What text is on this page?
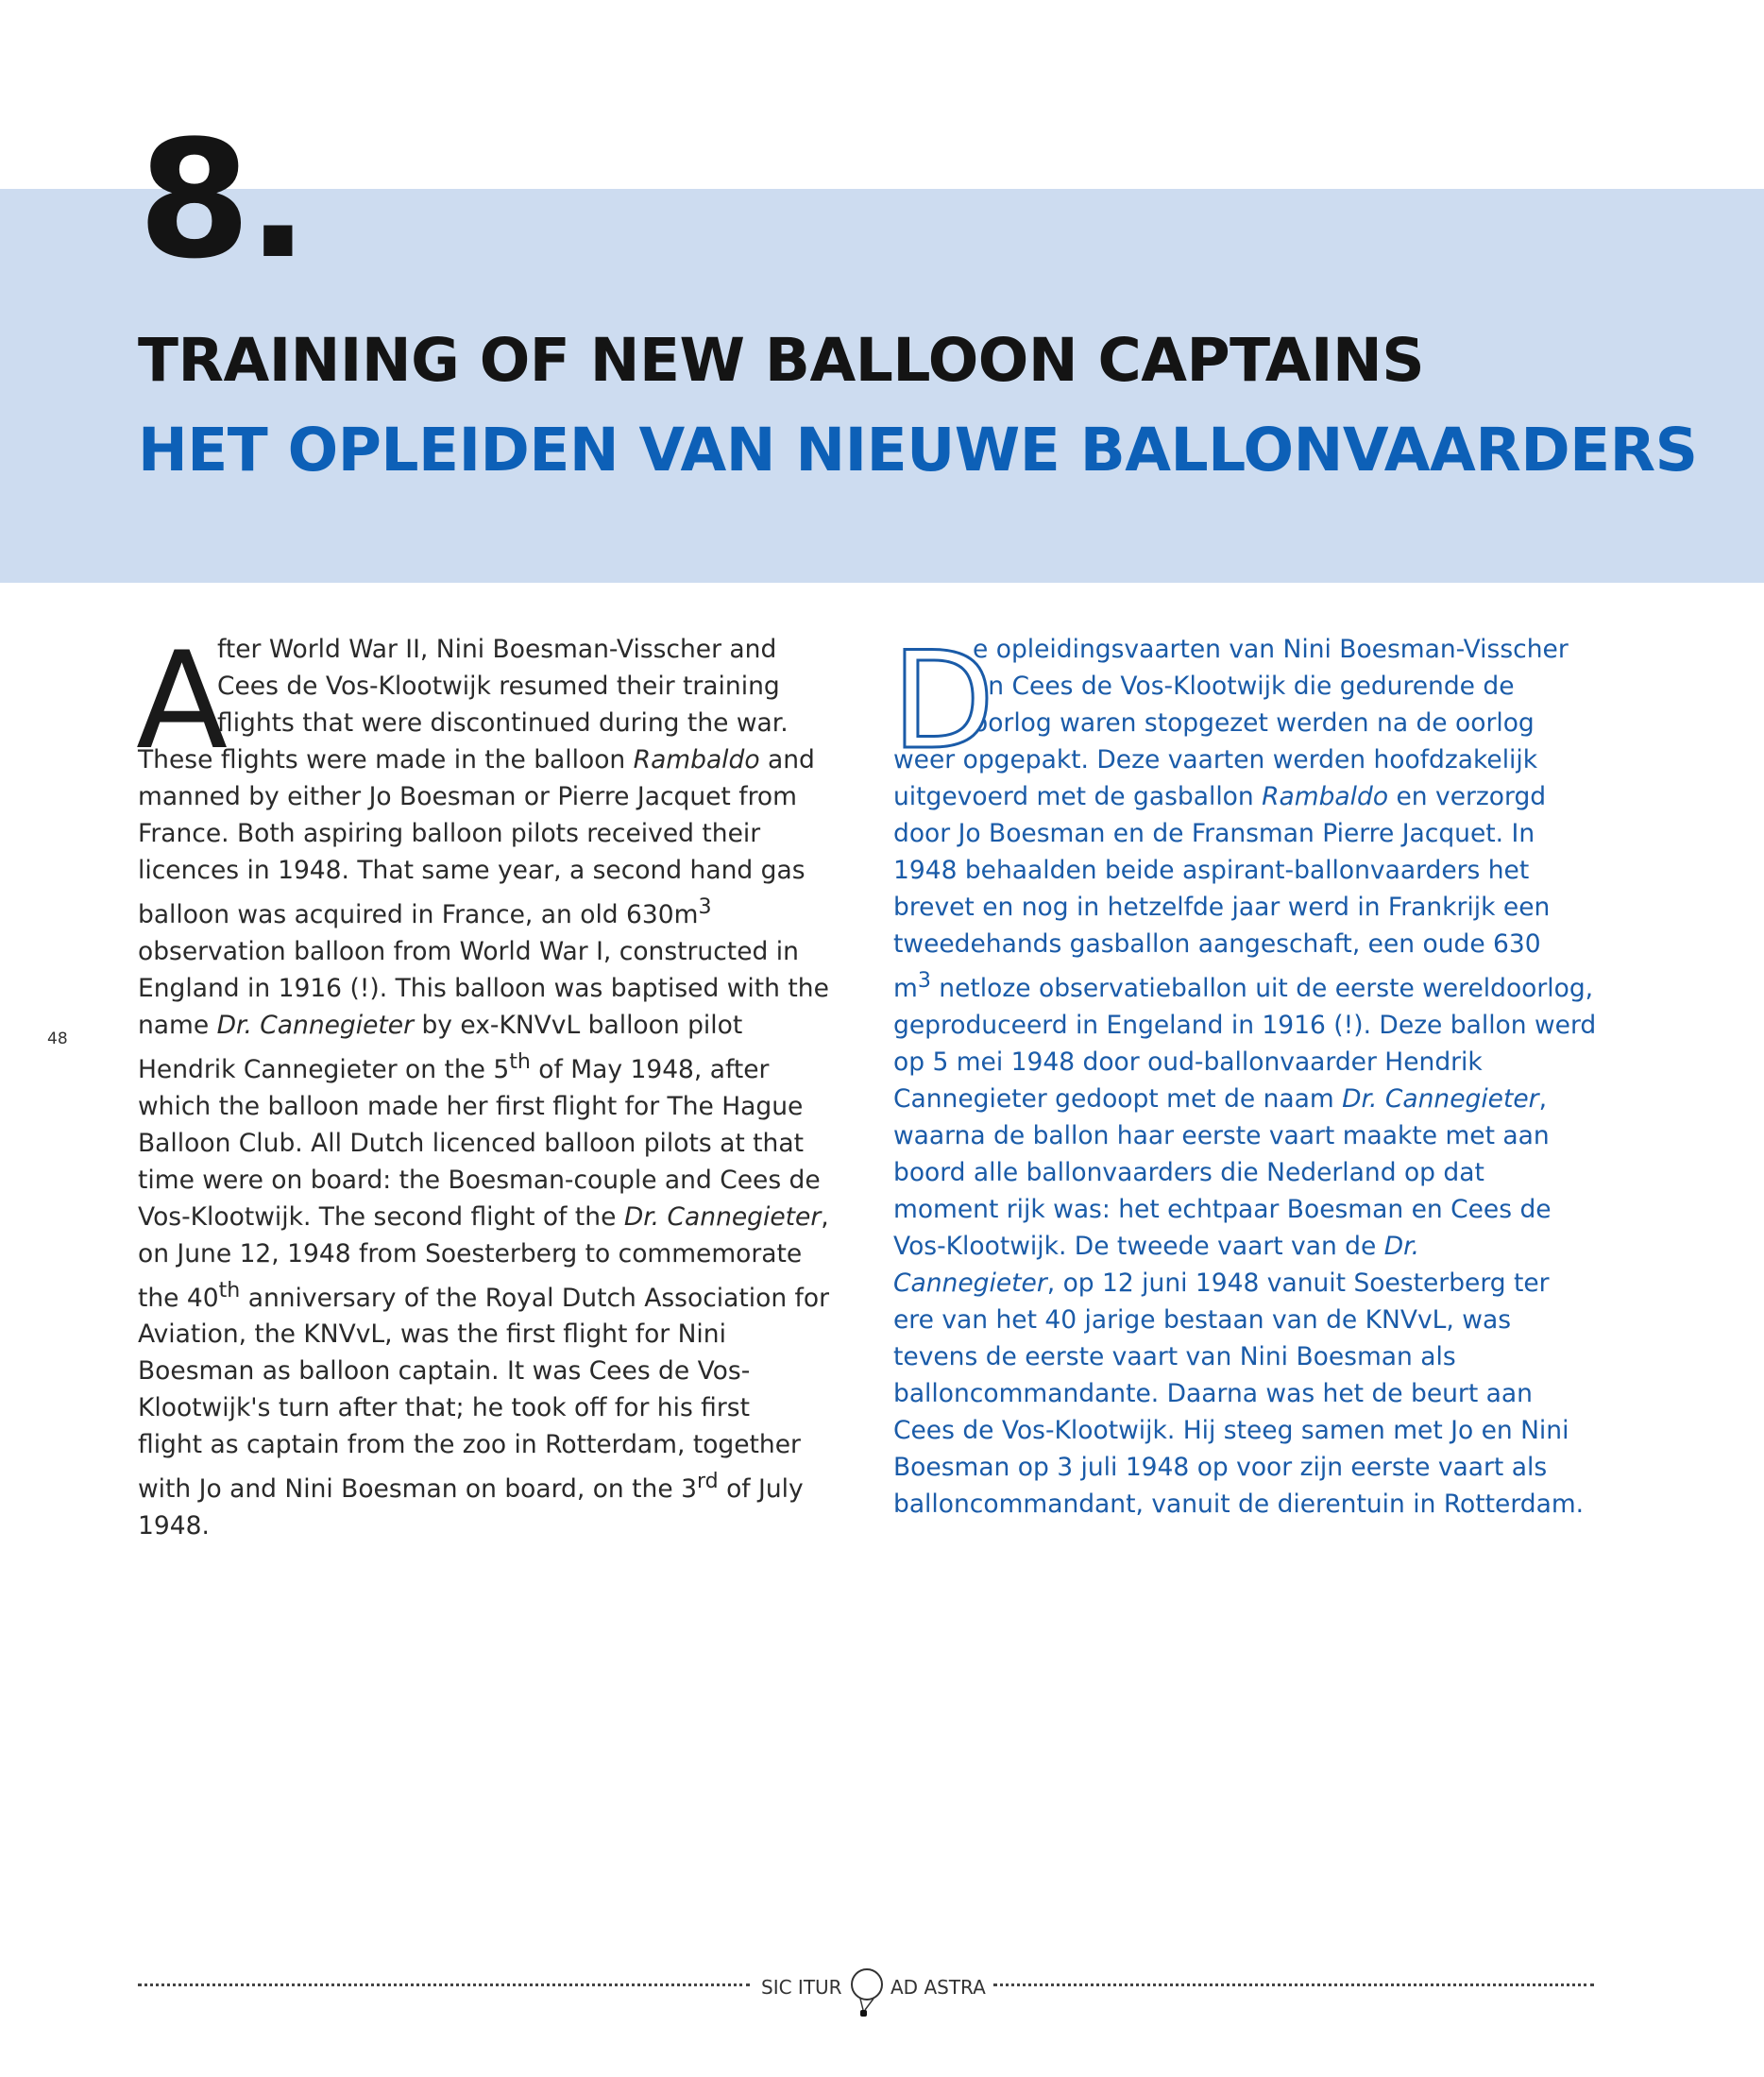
8.
TRAINING OF NEW BALLOON CAPTAINS
HET OPLEIDEN VAN NIEUWE BALLONVAARDERS
48
A
fter World War II, Nini Boesman-Visscher and
Cees de Vos-Klootwijk resumed their training
flights that were discontinued during the war.
These flights were made in the balloon Rambaldo and
manned by either Jo Boesman or Pierre Jacquet from
France. Both aspiring balloon pilots received their
licences in 1948. That same year, a second hand gas
balloon was acquired in France, an old $630m^3$
observation balloon from World War I, constructed in
England in 1916 (!). This balloon was baptised with the
name Dr. Cannegieter by ex-KNVvL balloon pilot
Hendrik Cannegieter on the 5th of May 1948, after
which the balloon made her first flight for The Hague
Balloon Club. All Dutch licenced balloon pilots at that
time were on board: the Boesman-couple and Cees de
Vos-Klootwijk. The second flight of the Dr. Cannegieter,
on June 12, 1948 from Soesterberg to commemorate
the 40th anniversary of the Royal Dutch Association for
Aviation, the KNVvL, was the first flight for Nini
Boesman as balloon captain. It was Cees de Vos-
Klootwijk's turn after that; he took off for his first
flight as captain from the zoo in Rotterdam, together
with Jo and Nini Boesman on board, on the 3rd of July
1948.
D
e opleidingsvaarten van Nini Boesman-Visscher
en Cees de Vos-Klootwijk die gedurende de
oorlog waren stopgezet werden na de oorlog
weer opgepakt. Deze vaarten werden hoofdzakelijk
uitgevoerd met de gasballon Rambaldo en verzorgd
door Jo Boesman en de Fransman Pierre Jacquet. In
1948 behaalden beide aspirant-ballonvaarders het
brevet en nog in hetzelfde jaar werd in Frankrijk een
tweedehands gasballon aangeschaft, een oude 630
$m^3$ netloze observatieballon uit de eerste wereldoorlog,
geproduceerd in Engeland in 1916 (!). Deze ballon werd
op 5 mei 1948 door oud-ballonvaarder Hendrik
Cannegieter gedoopt met de naam Dr. Cannegieter,
waarna de ballon haar eerste vaart maakte met aan
boord alle ballonvaarders die Nederland op dat
moment rijk was: het echtpaar Boesman en Cees de
Vos-Klootwijk. De tweede vaart van de Dr.
Cannegieter, op 12 juni 1948 vanuit Soesterberg ter
ere van het 40 jarige bestaan van de KNVvL, was
tevens de eerste vaart van Nini Boesman als
balloncommandante. Daarna was het de beurt aan
Cees de Vos-Klootwijk. Hij steeg samen met Jo en Nini
Boesman op 3 juli 1948 op voor zijn eerste vaart als
balloncommandant, vanuit de dierentuin in Rotterdam.
SIC ITUR	AD ASTRA
